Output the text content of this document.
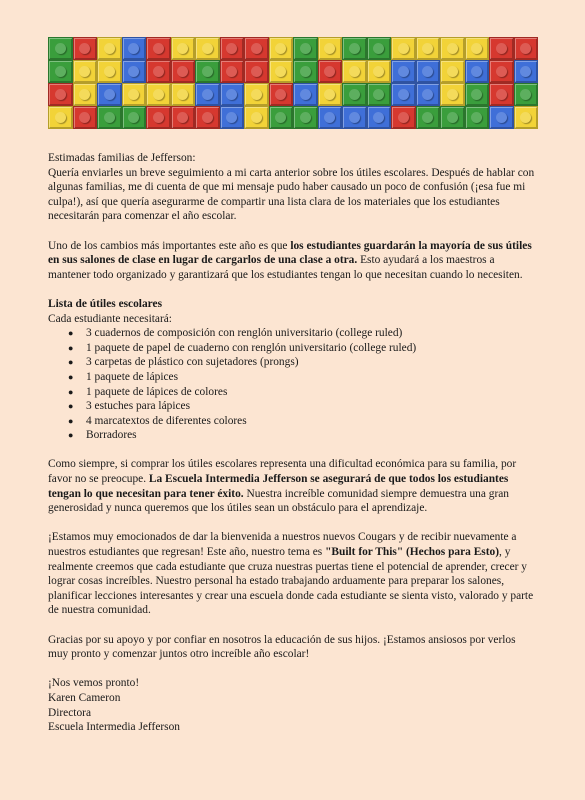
Estimadas familias de Jefferson:

Quería enviarles un breve seguimiento a mi carta anterior sobre los útiles escolares. Después de hablar con algunas familias, me di cuenta de que mi mensaje pudo haber causado un poco de confusión (¡esa fue mi culpa!), así que quería asegurarme de compartir una lista clara de los materiales que los estudiantes necesitarán para comenzar el año escolar.

Uno de los cambios más importantes este año es que los estudiantes guardarán la mayoría de sus útiles en sus salones de clase en lugar de cargarlos de una clase a otra. Esto ayudará a los maestros a mantener todo organizado y garantizará que los estudiantes tengan lo que necesitan cuando lo necesiten.

Lista de útiles escolares

Cada estudiante necesitará:

● 3 cuadernos de composición con renglón universitario (college ruled)
● 1 paquete de papel de cuaderno con renglón universitario (college ruled)
● 3 carpetas de plástico con sujetadores (prongs)
● 1 paquete de lápices
● 1 paquete de lápices de colores
● 3 estuches para lápices
● 4 marcatextos de diferentes colores
● Borradores

Como siempre, si comprar los útiles escolares representa una dificultad económica para su familia, por favor no se preocupe. La Escuela Intermedia Jefferson se asegurará de que todos los estudiantes tengan lo que necesitan para tener éxito. Nuestra increíble comunidad siempre demuestra una gran generosidad y nunca queremos que los útiles sean un obstáculo para el aprendizaje.

¡Estamos muy emocionados de dar la bienvenida a nuestros nuevos Cougars y de recibir nuevamente a nuestros estudiantes que regresan! Este año, nuestro tema es "Built for This" (Hechos para Esto), y realmente creemos que cada estudiante que cruza nuestras puertas tiene el potencial de aprender, crecer y lograr cosas increíbles. Nuestro personal ha estado trabajando arduamente para preparar los salones, planificar lecciones interesantes y crear una escuela donde cada estudiante se sienta visto, valorado y parte de nuestra comunidad.

Gracias por su apoyo y por confiar en nosotros la educación de sus hijos. ¡Estamos ansiosos por verlos muy pronto y comenzar juntos otro increíble año escolar!

¡Nos vemos pronto!
Karen Cameron
Directora
Escuela Intermedia Jefferson
